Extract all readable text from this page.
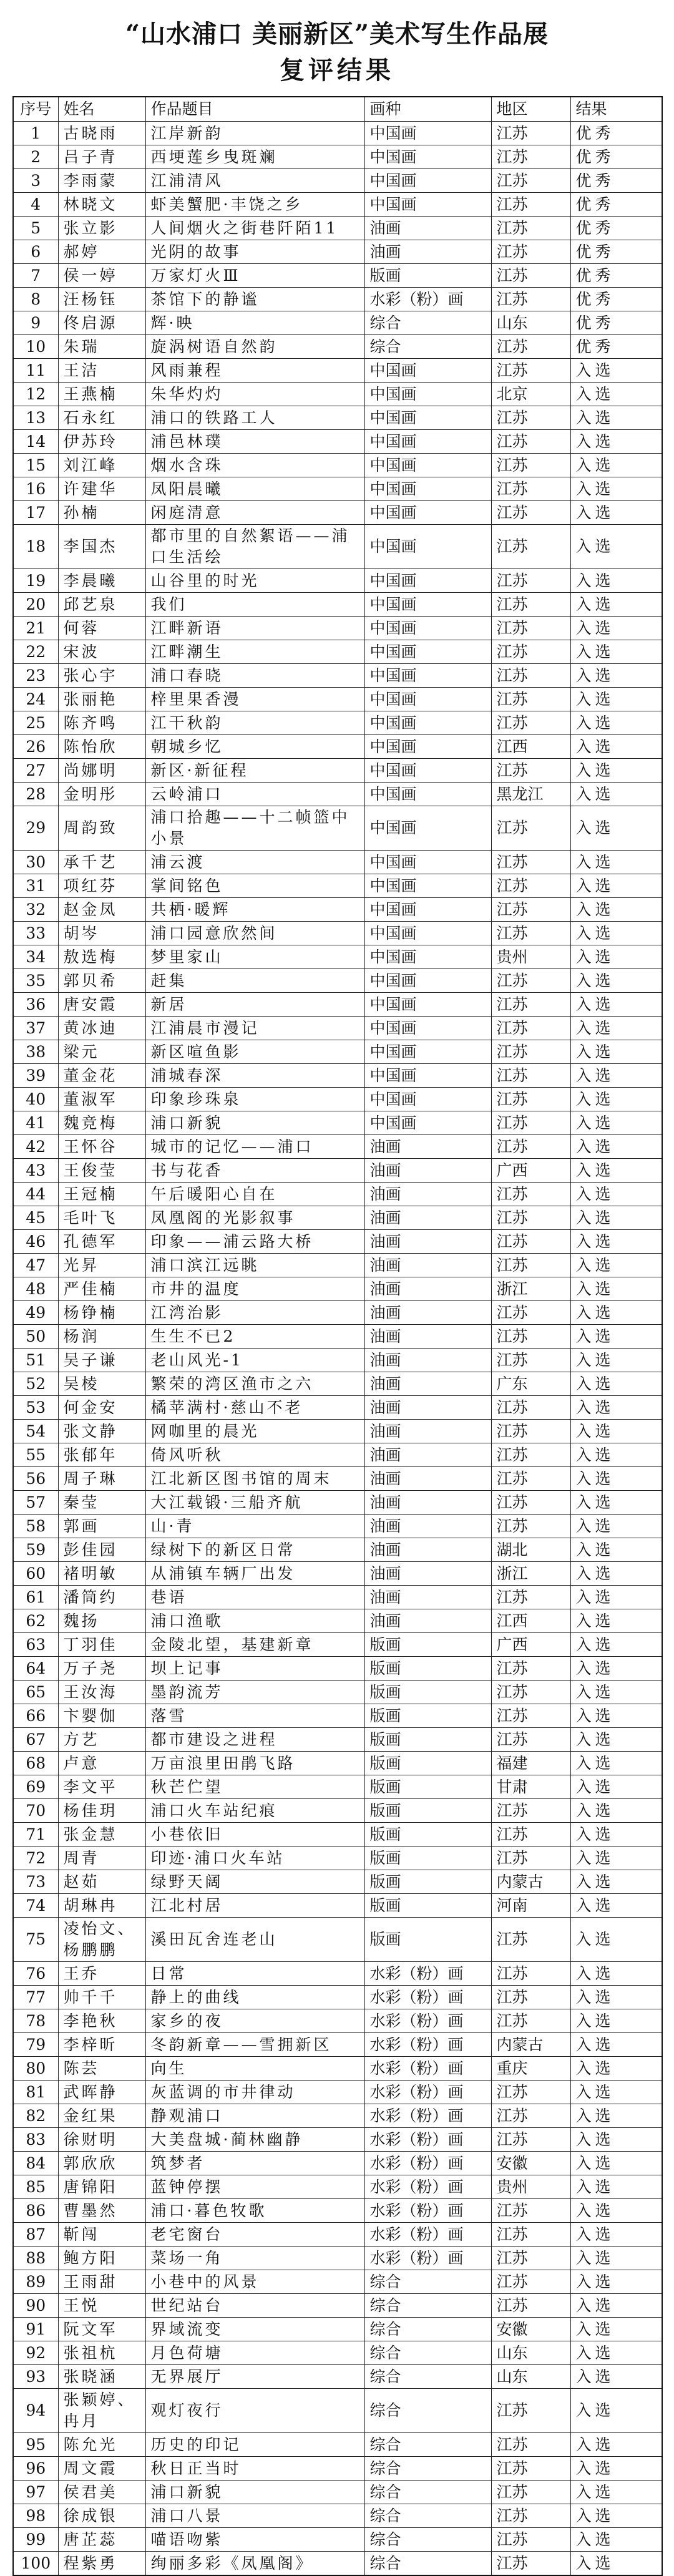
“山水浦口 美丽新区”美术写生作品展
复评结果
序号	姓名	作品题目	画种	地区	结果
1	古晓雨	江岸新韵	中国画	江苏	优秀
2	吕子青	西埂莲乡曳斑斓	中国画	江苏	优秀
3	李雨蒙	江浦清风	中国画	江苏	优秀
4	林晓文	虾美蟹肥·丰饶之乡	中国画	江苏	优秀
5	张立影	人间烟火之街巷阡陌11	油画	江苏	优秀
6	郝婷	光阴的故事	油画	江苏	优秀
7	侯一婷	万家灯火Ⅲ	版画	江苏	优秀
8	汪杨钰	茶馆下的静谧	水彩（粉）画	江苏	优秀
9	佟启源	辉·映	综合	山东	优秀
10	朱瑞	旋涡树语自然韵	综合	江苏	优秀
11	王洁	风雨兼程	中国画	江苏	入选
12	王燕楠	朱华灼灼	中国画	北京	入选
13	石永红	浦口的铁路工人	中国画	江苏	入选
14	伊苏玲	浦邑林璞	中国画	江苏	入选
15	刘江峰	烟水含珠	中国画	江苏	入选
16	许建华	凤阳晨曦	中国画	江苏	入选
17	孙楠	闲庭清意	中国画	江苏	入选
18	李国杰	都市里的自然絮语——浦口生活绘	中国画	江苏	入选
19	李晨曦	山谷里的时光	中国画	江苏	入选
20	邱艺泉	我们	中国画	江苏	入选
21	何蓉	江畔新语	中国画	江苏	入选
22	宋波	江畔潮生	中国画	江苏	入选
23	张心宇	浦口春晓	中国画	江苏	入选
24	张丽艳	梓里果香漫	中国画	江苏	入选
25	陈齐鸣	江干秋韵	中国画	江苏	入选
26	陈怡欣	朝城乡忆	中国画	江西	入选
27	尚娜明	新区·新征程	中国画	江苏	入选
28	金明彤	云岭浦口	中国画	黑龙江	入选
29	周韵致	浦口拾趣——十二帧篮中小景	中国画	江苏	入选
30	承千艺	浦云渡	中国画	江苏	入选
31	项红芬	掌间铭色	中国画	江苏	入选
32	赵金凤	共栖·暖辉	中国画	江苏	入选
33	胡岑	浦口园意欣然间	中国画	江苏	入选
34	敖选梅	梦里家山	中国画	贵州	入选
35	郭贝希	赶集	中国画	江苏	入选
36	唐安霞	新居	中国画	江苏	入选
37	黄冰迪	江浦晨市漫记	中国画	江苏	入选
38	梁元	新区喧鱼影	中国画	江苏	入选
39	董金花	浦城春深	中国画	江苏	入选
40	董淑军	印象珍珠泉	中国画	江苏	入选
41	魏竞梅	浦口新貌	中国画	江苏	入选
42	王怀谷	城市的记忆——浦口	油画	江苏	入选
43	王俊莹	书与花香	油画	广西	入选
44	王冠楠	午后暖阳心自在	油画	江苏	入选
45	毛叶飞	凤凰阁的光影叙事	油画	江苏	入选
46	孔德军	印象——浦云路大桥	油画	江苏	入选
47	光昇	浦口滨江远眺	油画	江苏	入选
48	严佳楠	市井的温度	油画	浙江	入选
49	杨铮楠	江湾治影	油画	江苏	入选
50	杨润	生生不已2	油画	江苏	入选
51	吴子谦	老山风光-1	油画	江苏	入选
52	吴棱	繁荣的湾区渔市之六	油画	广东	入选
53	何金安	橘苹满村·慈山不老	油画	江苏	入选
54	张文静	网咖里的晨光	油画	江苏	入选
55	张郁年	倚风听秋	油画	江苏	入选
56	周子琳	江北新区图书馆的周末	油画	江苏	入选
57	秦莹	大江载锻·三船齐航	油画	江苏	入选
58	郭画	山·青	油画	江苏	入选
59	彭佳园	绿树下的新区日常	油画	湖北	入选
60	褚明敏	从浦镇车辆厂出发	油画	浙江	入选
61	潘筒约	巷语	油画	江苏	入选
62	魏扬	浦口渔歌	油画	江西	入选
63	丁羽佳	金陵北望，基建新章	版画	广西	入选
64	万子尧	坝上记事	版画	江苏	入选
65	王汝海	墨韵流芳	版画	江苏	入选
66	卞婴伽	落雪	版画	江苏	入选
67	方艺	都市建设之进程	版画	江苏	入选
68	卢意	万亩浪里田鹃飞路	版画	福建	入选
69	李文平	秋芒伫望	版画	甘肃	入选
70	杨佳玥	浦口火车站纪痕	版画	江苏	入选
71	张金慧	小巷依旧	版画	江苏	入选
72	周青	印迹·浦口火车站	版画	江苏	入选
73	赵茹	绿野天阔	版画	内蒙古	入选
74	胡琳冉	江北村居	版画	河南	入选
75	凌怡文、杨鹏鹏	溪田瓦舍连老山	版画	江苏	入选
76	王乔	日常	水彩（粉）画	江苏	入选
77	帅千千	静上的曲线	水彩（粉）画	江苏	入选
78	李艳秋	家乡的夜	水彩（粉）画	江苏	入选
79	李梓昕	冬韵新章——雪拥新区	水彩（粉）画	内蒙古	入选
80	陈芸	向生	水彩（粉）画	重庆	入选
81	武晖静	灰蓝调的市井律动	水彩（粉）画	江苏	入选
82	金红果	静观浦口	水彩（粉）画	江苏	入选
83	徐财明	大美盘城·蔺林幽静	水彩（粉）画	江苏	入选
84	郭欣欣	筑梦者	水彩（粉）画	安徽	入选
85	唐锦阳	蓝钟停摆	水彩（粉）画	贵州	入选
86	曹墨然	浦口·暮色牧歌	水彩（粉）画	江苏	入选
87	靳闯	老宅窗台	水彩（粉）画	江苏	入选
88	鲍方阳	菜场一角	水彩（粉）画	江苏	入选
89	王雨甜	小巷中的风景	综合	江苏	入选
90	王悦	世纪站台	综合	江苏	入选
91	阮文军	界域流变	综合	安徽	入选
92	张祖杭	月色荷塘	综合	山东	入选
93	张晓涵	无界展厅	综合	山东	入选
94	张颖婷、冉月	观灯夜行	综合	江苏	入选
95	陈允光	历史的印记	综合	江苏	入选
96	周文霞	秋日正当时	综合	江苏	入选
97	侯君美	浦口新貌	综合	江苏	入选
98	徐成银	浦口八景	综合	江苏	入选
99	唐芷蕊	喵语吻紫	综合	江苏	入选
100	程紫勇	绚丽多彩《凤凰阁》	综合	江苏	入选
